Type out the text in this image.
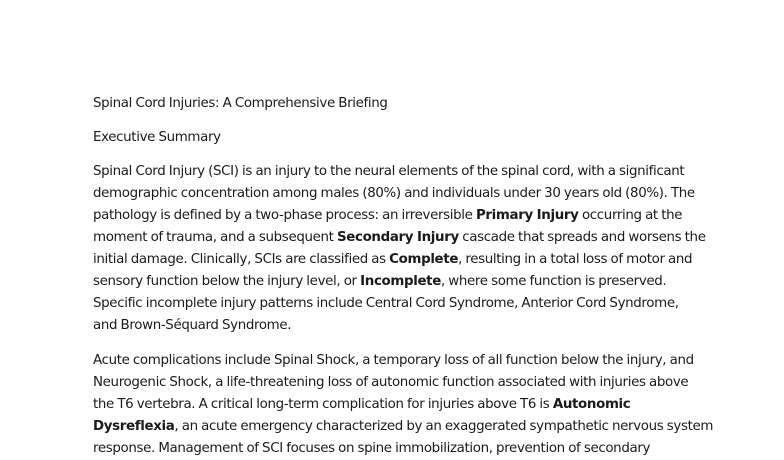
Spinal Cord Injuries: A Comprehensive Briefing
Executive Summary
Spinal Cord Injury (SCI) is an injury to the neural elements of the spinal cord, with a significant
demographic concentration among males (80%) and individuals under 30 years old (80%). The
pathology is defined by a two-phase process: an irreversible Primary Injury occurring at the
moment of trauma, and a subsequent Secondary Injury cascade that spreads and worsens the
initial damage. Clinically, SCIs are classified as Complete, resulting in a total loss of motor and
sensory function below the injury level, or Incomplete, where some function is preserved.
Specific incomplete injury patterns include Central Cord Syndrome, Anterior Cord Syndrome,
and Brown-Séquard Syndrome.
Acute complications include Spinal Shock, a temporary loss of all function below the injury, and
Neurogenic Shock, a life-threatening loss of autonomic function associated with injuries above
the T6 vertebra. A critical long-term complication for injuries above T6 is Autonomic
Dysreflexia, an acute emergency characterized by an exaggerated sympathetic nervous system
response. Management of SCI focuses on spine immobilization, prevention of secondary
